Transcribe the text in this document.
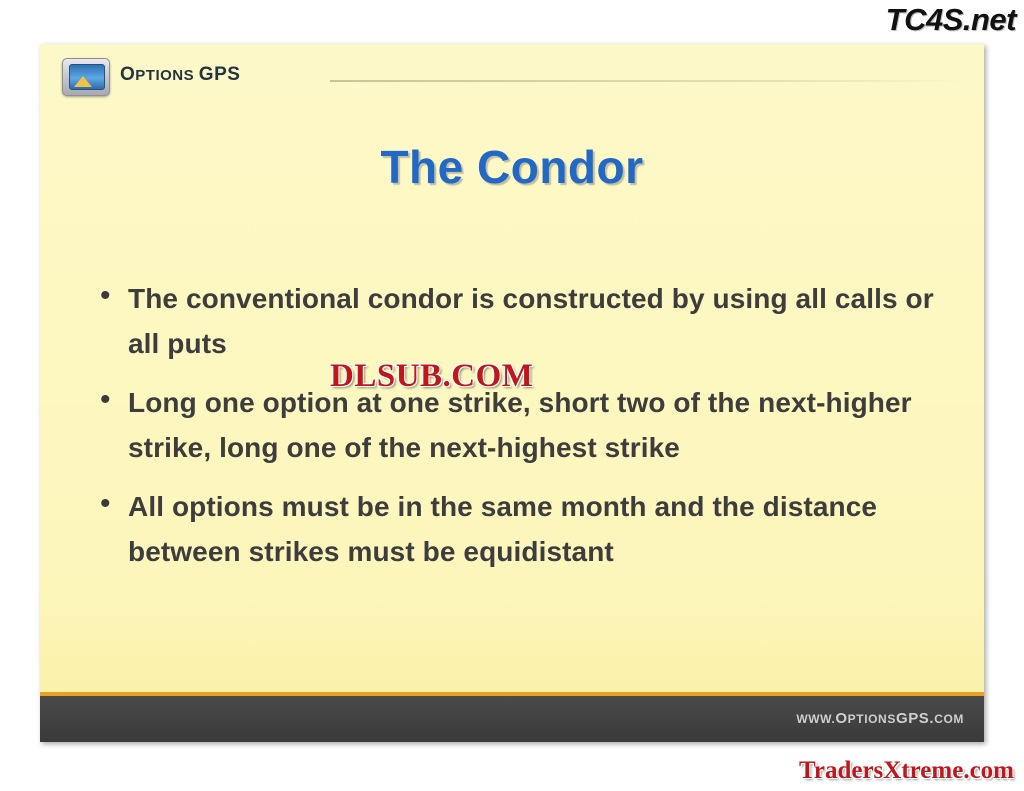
TC4S.net
OPTIONS GPS
The Condor
• The conventional condor is constructed by using all calls or all puts
• Long one option at one strike, short two of the next-higher strike, long one of the next-highest strike
• All options must be in the same month and the distance between strikes must be equidistant
WWW.OPTIONSGPS.COM
DLSUB.COM
TradersXtreme.com
